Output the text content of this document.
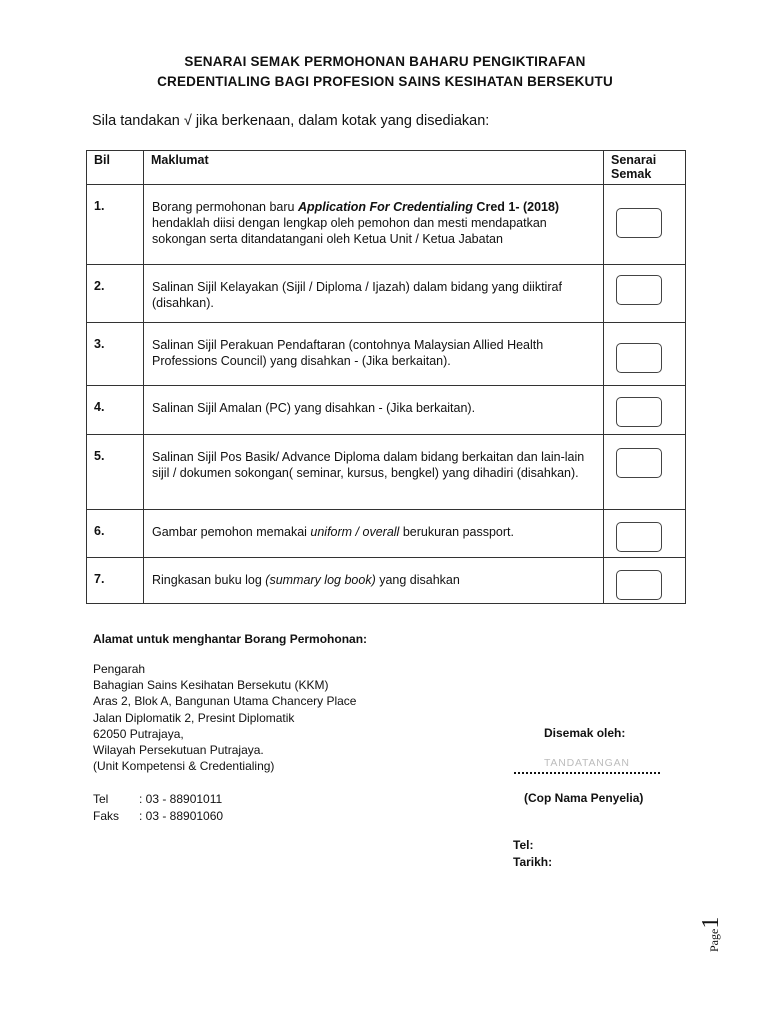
SENARAI SEMAK PERMOHONAN BAHARU PENGIKTIRAFAN
CREDENTIALING BAGI PROFESION SAINS KESIHATAN BERSEKUTU
Sila tandakan √ jika berkenaan, dalam kotak yang disediakan:
Bil	Maklumat	Senarai
Semak
1.	Borang permohonan baru Application For Credentialing Cred 1- (2018) hendaklah diisi dengan lengkap oleh pemohon dan mesti mendapatkan sokongan serta ditandatangani oleh Ketua Unit / Ketua Jabatan	

2.	Salinan Sijil Kelayakan (Sijil / Diploma / Ijazah) dalam bidang yang diiktiraf (disahkan).	

3.	Salinan Sijil Perakuan Pendaftaran (contohnya Malaysian Allied Health Professions Council) yang disahkan - (Jika berkaitan).	

4.	Salinan Sijil Amalan (PC) yang disahkan - (Jika berkaitan).	

5.	Salinan Sijil Pos Basik/ Advance Diploma dalam bidang berkaitan dan lain-lain sijil / dokumen sokongan( seminar, kursus, bengkel) yang dihadiri (disahkan).	

6.	Gambar pemohon memakai uniform / overall berukuran passport.	

7.	Ringkasan buku log (summary log book) yang disahkan	
Alamat untuk menghantar Borang Permohonan:
Pengarah
Bahagian Sains Kesihatan Bersekutu (KKM)
Aras 2, Blok A, Bangunan Utama Chancery Place
Jalan Diplomatik 2, Presint Diplomatik
62050 Putrajaya,
Wilayah Persekutuan Putrajaya.
(Unit Kompetensi & Credentialing)
Tel	: 03 - 88901011
Faks : 03 - 88901060
Disemak oleh:
TANDATANGAN
(Cop Nama Penyelia)
Tel:
Tarikh:
Page1
